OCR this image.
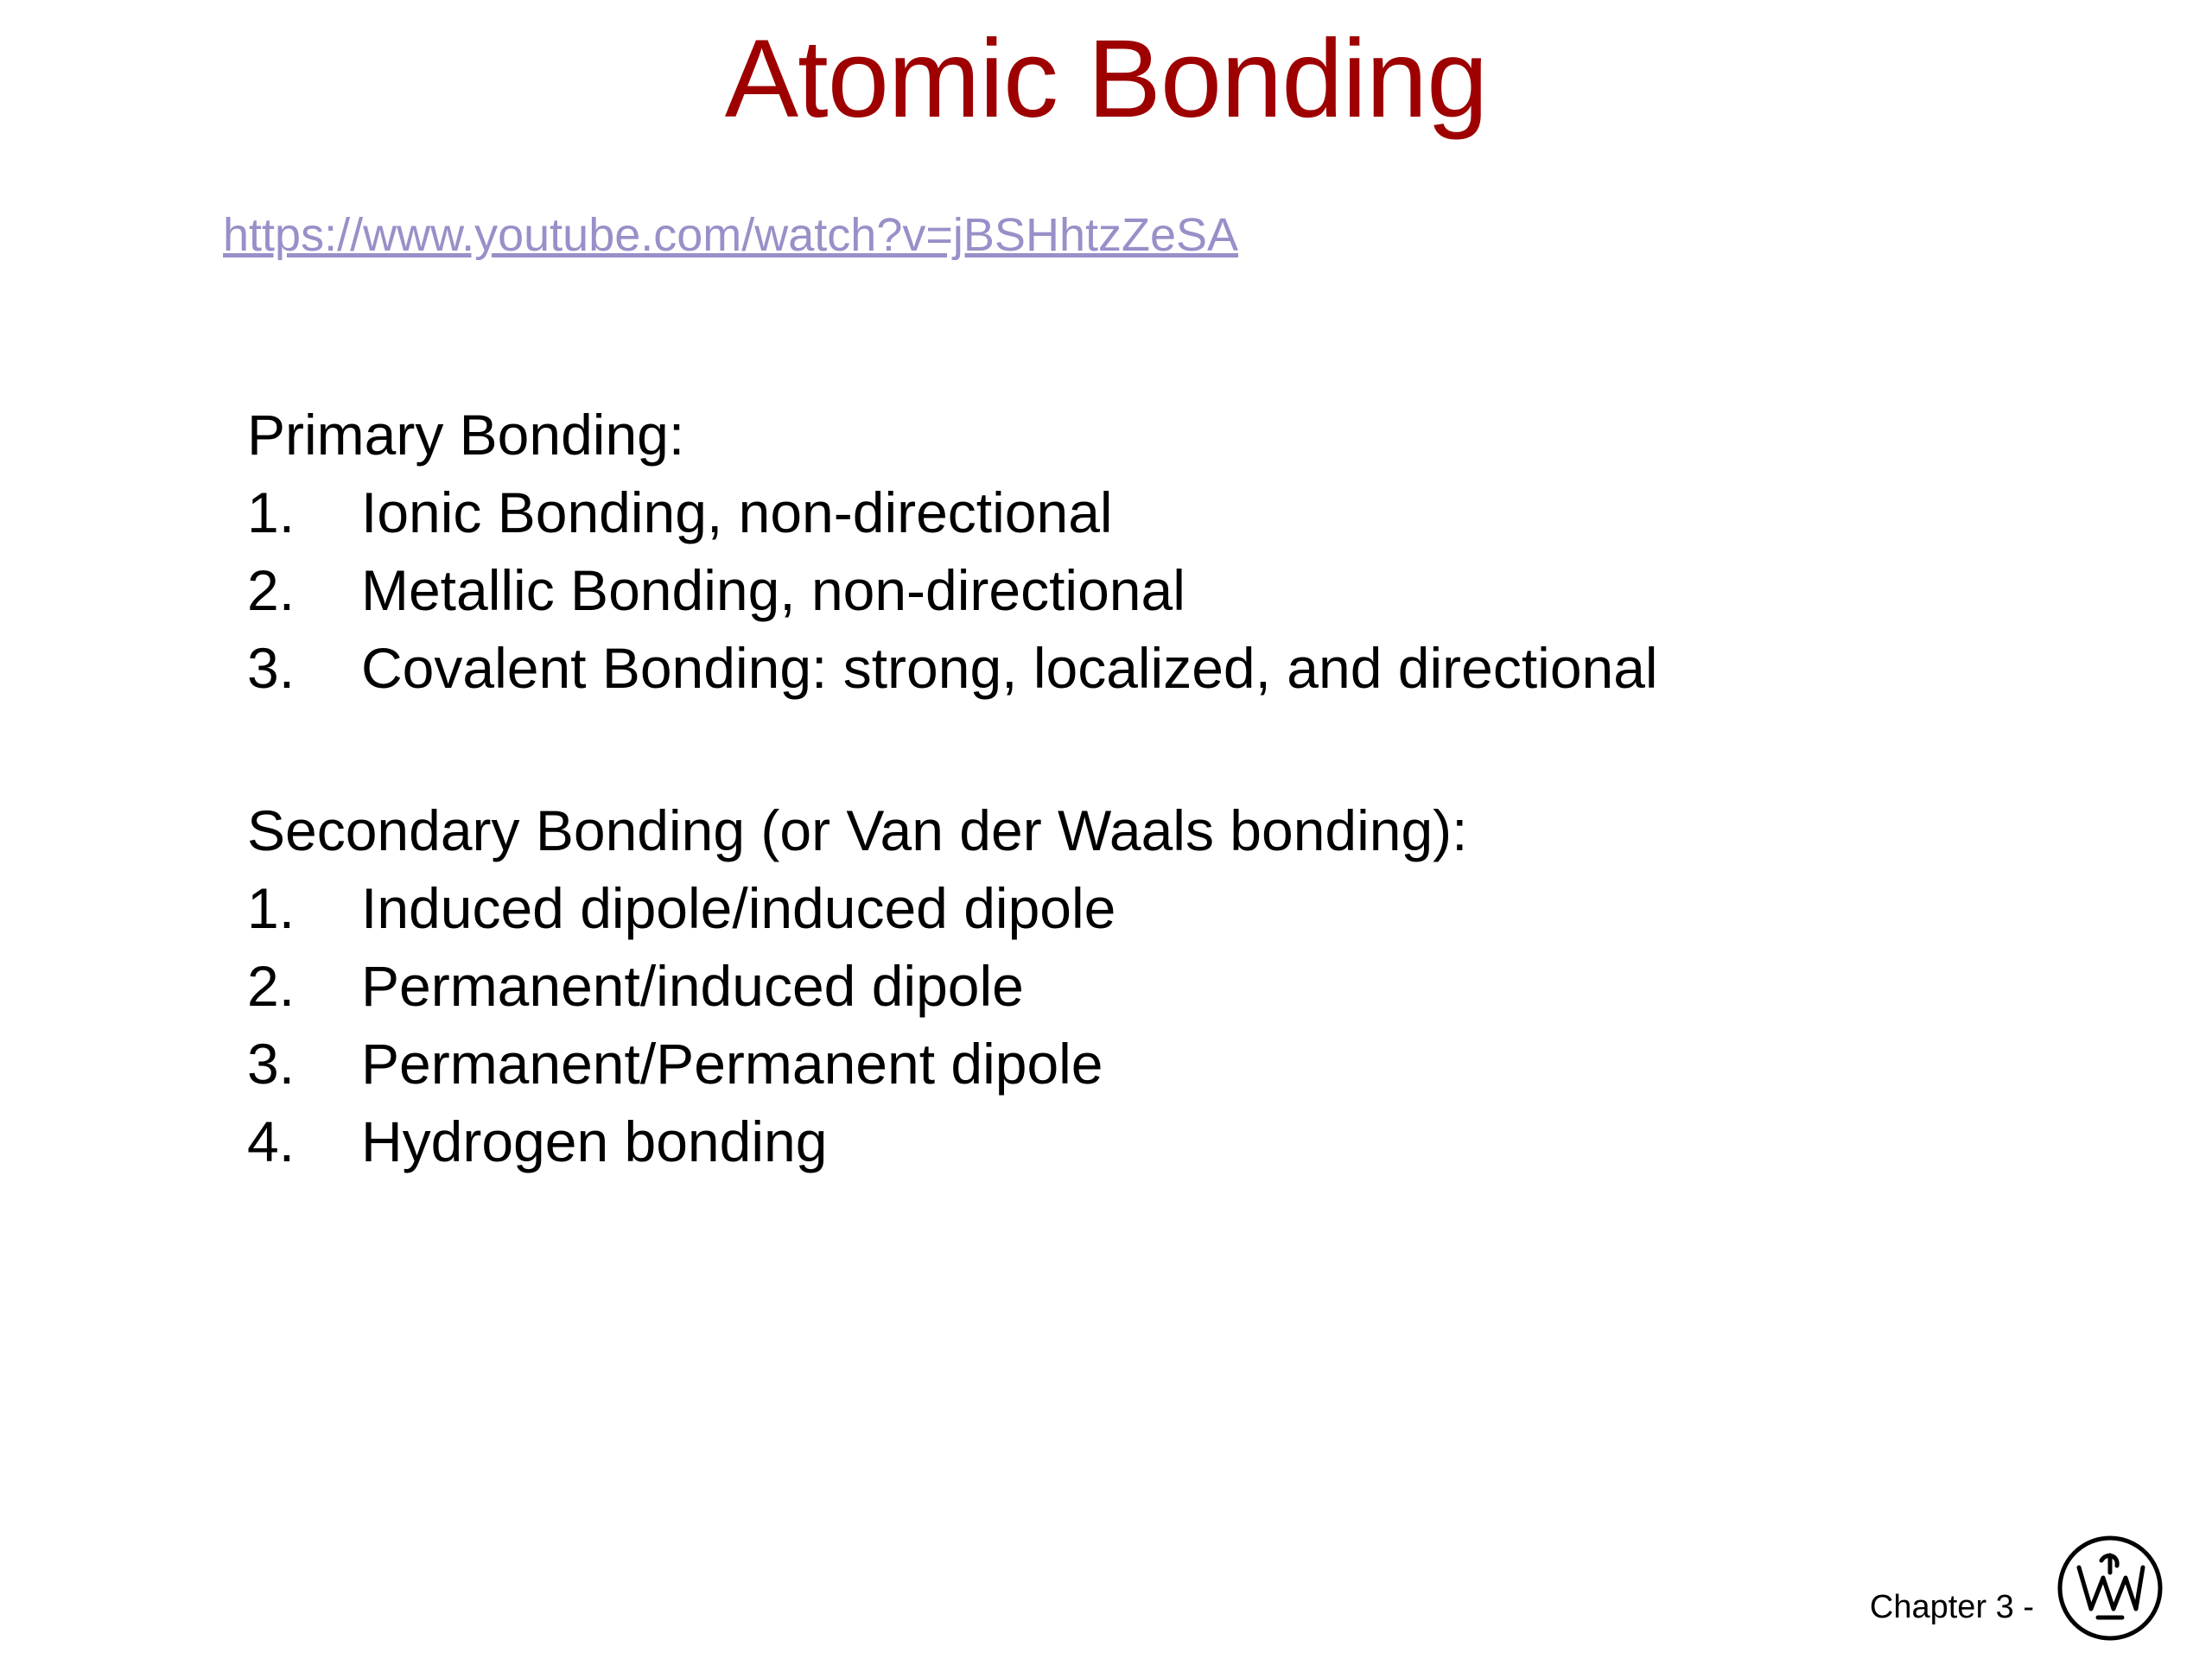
Atomic Bonding
https://www.youtube.com/watch?v=jBSHhtzZeSA
Primary Bonding:
1.	Ionic Bonding, non-directional
2.	Metallic Bonding, non-directional
3.	Covalent Bonding: strong, localized, and directional
Secondary Bonding (or Van der Waals bonding):
1.	Induced dipole/induced dipole
2.	Permanent/induced dipole
3.	Permanent/Permanent dipole
4.	Hydrogen bonding
Chapter 3 -
